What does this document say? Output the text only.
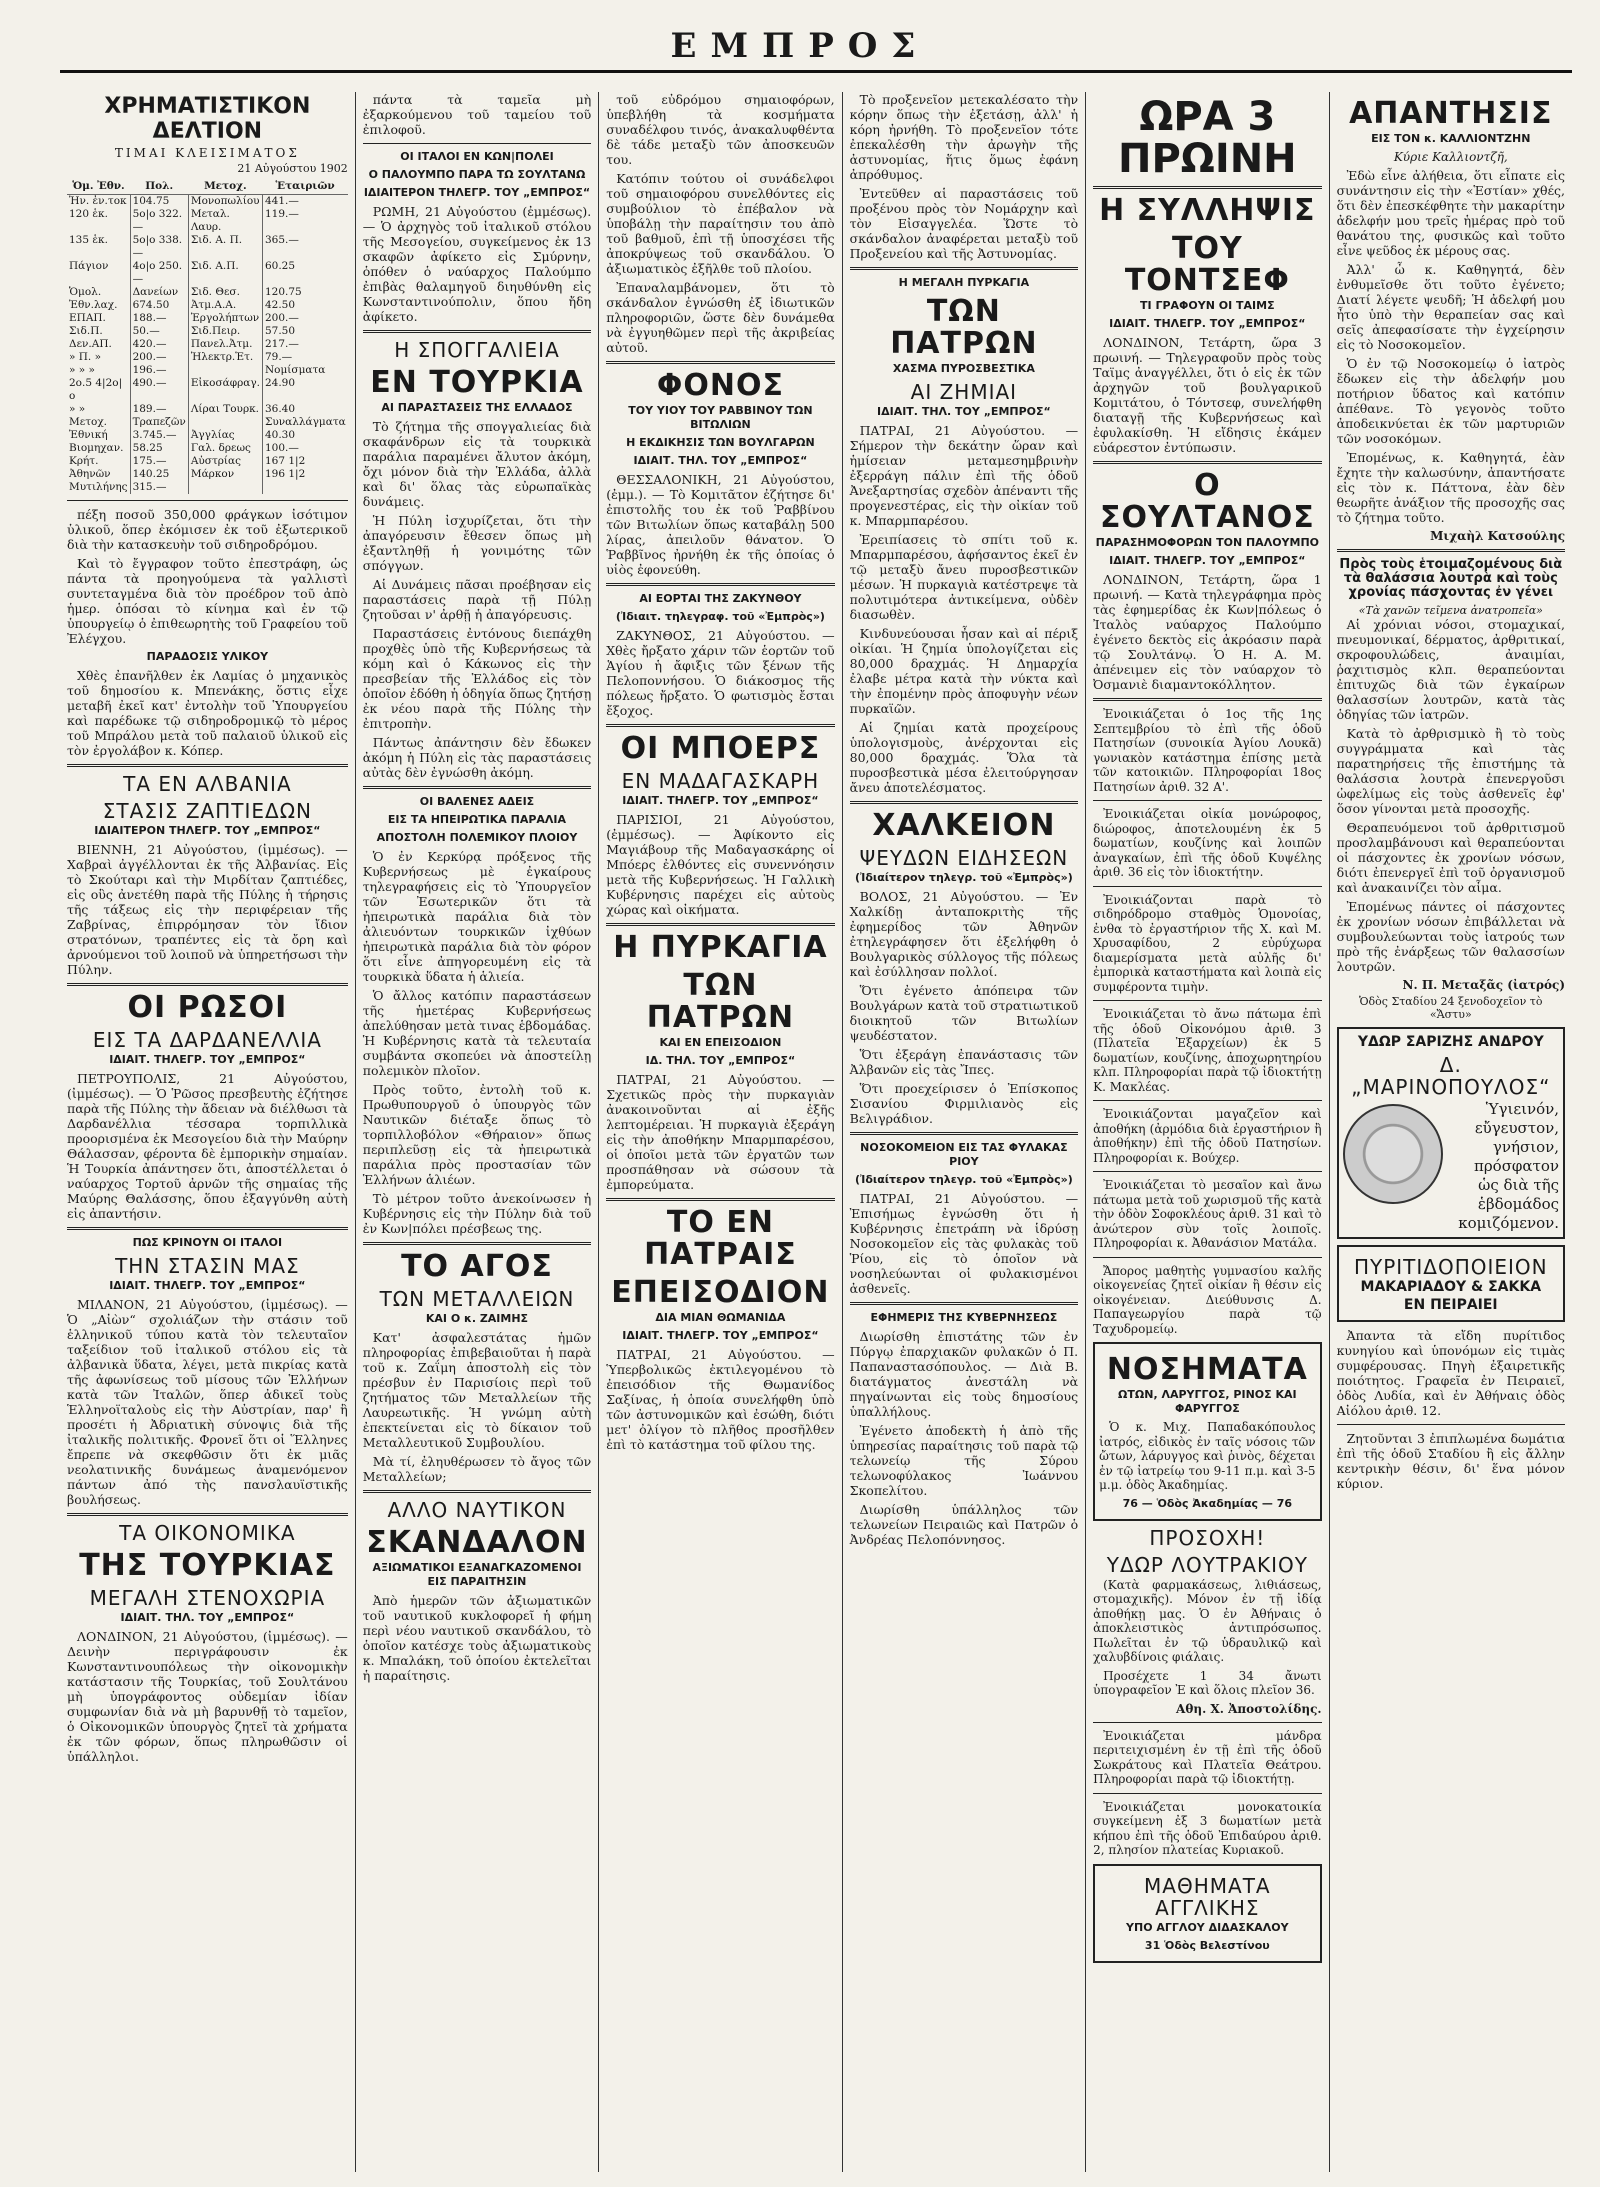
ΕΜΠΡΟΣ
ΧΡΗΜΑΤΙΣΤΙΚΟΝ ΔΕΛΤΙΟΝ
ΤΙΜΑΙ ΚΛΕΙΣΙΜΑΤΟΣ
21 Αὐγούστου 1902
Ὁμ. Ἐθν.	Πολ.	Μετοχ.	Ἑταιριῶν
Ἠν. ἐν.τοκ	104.75	Μονοπωλίου	441.—
120 ἑκ.	5ο|ο 322.—	Μεταλ. Λαυρ.	119.—
135 ἑκ.	5ο|ο 338.—	Σιδ. Α. Π.	365.—
Πάγιον	4ο|ο 250.—	Σιδ. Α.Π.	60.25
Ὁμολ.	Δανείων	Σιδ. Θεσ.	120.75
Ἐθν.λαχ.	674.50	Ἀτμ.Α.Α.	42.50
ΕΠΑΠ.	188.—	Ἐργολήπτων	200.—
Σιδ.Π.	50.—	Σιδ.Πειρ.	57.50
Δεν.ΑΠ.	420.—	Πανελ.Ἀτμ.	217.—
» Π. »	200.—	Ἠλεκτρ.Ἑτ.	79.—
» » »	196.—		Νομίσματα
2ο.5 4|2ο|ο	490.—	Εἰκοσάφραγ.	24.90
» »	189.—	Λίραι Τουρκ.	36.40
Μετοχ.	Τραπεζῶν		Συναλλάγματα
Ἐθνική	3.745.—	Ἀγγλίας	40.30
Βιομηχαν.	58.25	Γαλ. δρεως	100.—
Κρήτ.	175.—	Αὐστρίας	167 1|2
Ἀθηνῶν	140.25	Μάρκον	196 1|2
Μυτιλήνης	315.—		

πέξη ποσοῦ 350,000 φράγκων ἰσότιμον ὑλικοῦ, ὅπερ ἐκόμισεν ἐκ τοῦ ἐξωτερικοῦ διὰ τὴν κατασκευὴν τοῦ σιδηροδρόμου.

Καὶ τὸ ἔγγραφον τοῦτο ἐπεστράφη, ὡς πάντα τὰ προηγούμενα τὰ γαλλιστὶ συντεταγμένα διὰ τὸν προέδρον τοῦ ἀπὸ ἡμερ. ὁπόσαι τὸ κίνημα καὶ ἐν τῷ ὑπουργείῳ ὁ ἐπιθεωρητὴς τοῦ Γραφείου τοῦ Ἐλέγχου.

ΠΑΡΑΔΟΣΙΣ ΥΛΙΚΟΥ

Χθὲς ἐπανῆλθεν ἐκ Λαμίας ὁ μηχανικὸς τοῦ δημοσίου κ. Μπενάκης, ὅστις εἶχε μεταβῆ ἐκεῖ κατ' ἐντολὴν τοῦ Ὑπουργείου καὶ παρέδωκε τῷ σιδηροδρομικῷ τὸ μέρος τοῦ Μπράλου μετὰ τοῦ παλαιοῦ ὑλικοῦ εἰς τὸν ἐργολάβον κ. Κόπερ.

ΤΑ ΕΝ ΑΛΒΑΝΙΑ
ΣΤΑΣΙΣ ΖΑΠΤΙΕΔΩΝ
ΙΔΙΑΙΤΕΡΟΝ ΤΗΛΕΓΡ. ΤΟΥ „ΕΜΠΡΟΣ“

ΒΙΕΝΝΗ, 21 Αὐγούστου, (ἰμμέσως). — Χαβραὶ ἀγγέλλονται ἐκ τῆς Ἀλβανίας. Εἰς τὸ Σκούταρι καὶ τὴν Μιρδίταν ζαπτιέδες, εἰς οὓς ἀνετέθη παρὰ τῆς Πύλης ἡ τήρησις τῆς τάξεως εἰς τὴν περιφέρειαν τῆς Ζαβρίνας, ἐπιρρόμησαν τὸν ἴδιον στρατόνων, τραπέντες εἰς τὰ ὄρη καὶ ἀρνούμενοι τοῦ λοιποῦ νὰ ὑπηρετήσωσι τὴν Πύλην.

ΟΙ ΡΩΣΟΙ
ΕΙΣ ΤΑ ΔΑΡΔΑΝΕΛΛΙΑ
ΙΔΙΑΙΤ. ΤΗΛΕΓΡ. ΤΟΥ „ΕΜΠΡΟΣ“

ΠΕΤΡΟΥΠΟΛΙΣ, 21 Αὐγούστου, (ἰμμέσως). — Ὁ Ῥῶσος πρεσβευτὴς ἐζήτησε παρὰ τῆς Πύλης τὴν ἄδειαν νὰ διέλθωσι τὰ Δαρδανέλλια τέσσαρα τορπιλλικὰ προορισμένα ἐκ Μεσογείου διὰ τὴν Μαύρην Θάλασσαν, φέροντα δὲ ἐμπορικὴν σημαίαν. Ἡ Τουρκία ἀπάντησεν ὅτι, ἀποστέλλεται ὁ ναύαρχος Τορτοῦ ἀρνῶν τῆς σημαίας τῆς Μαύρης Θαλάσσης, ὅπου ἐξαγγύνθη αὐτὴ εἰς ἀπαντήσιν.

ΠΩΣ ΚΡΙΝΟΥΝ ΟΙ ΙΤΑΛΟΙ
ΤΗΝ ΣΤΑΣΙΝ ΜΑΣ
ΙΔΙΑΙΤ. ΤΗΛΕΓΡ. ΤΟΥ „ΕΜΠΡΟΣ“

ΜΙΛΑΝΟΝ, 21 Αὐγούστου, (ἰμμέσως). — Ὁ „Αἰὼν“ σχολιάζων τὴν στάσιν τοῦ ἑλληνικοῦ τύπου κατὰ τὸν τελευταῖον ταξείδιον τοῦ ἰταλικοῦ στόλου εἰς τὰ ἀλβανικὰ ὕδατα, λέγει, μετὰ πικρίας κατὰ τῆς ἀφωνίσεως τοῦ μίσους τῶν Ἑλλήνων κατὰ τῶν Ἰταλῶν, ὅπερ ἀδικεῖ τοὺς Ἑλληνοϊταλοὺς εἰς τὴν Αὐστρίαν, παρ' ἣ προσέτι ἡ Ἀδριατικὴ σύνοψις διὰ τῆς ἰταλικῆς πολιτικῆς. Φρονεῖ ὅτι οἱ Ἕλληνες ἔπρεπε νὰ σκεφθῶσιν ὅτι ἐκ μιᾶς νεολατινικῆς δυνάμεως ἀναμενόμενον πάντων ἀπό τὴς πανσλαυϊστικῆς βουλήσεως.

ΤΑ ΟΙΚΟΝΟΜΙΚΑ
ΤΗΣ ΤΟΥΡΚΙΑΣ
ΜΕΓΑΛΗ ΣΤΕΝΟΧΩΡΙΑ
ΙΔΙΑΙΤ. ΤΗΛ. ΤΟΥ „ΕΜΠΡΟΣ“

ΛΟΝΔΙΝΟΝ, 21 Αὐγούστου, (ἰμμέσως). — Δεινὴν περιγράφουσιν ἐκ Κωνσταντινουπόλεως τὴν οἰκονομικὴν κατάστασιν τῆς Τουρκίας, τοῦ Σουλτάνου μὴ ὑπογράφοντος οὐδεμίαν ἰδίαν συμφωνίαν διὰ νὰ μὴ βαρυνθῇ τὸ ταμεῖον, ὁ Οἰκονομικῶν ὑπουργὸς ζητεῖ τὰ χρήματα ἐκ τῶν φόρων, ὅπως πληρωθῶσιν οἱ ὑπάλληλοι.

πάντα τὰ ταμεῖα μὴ ἐξαρκούμενου τοῦ ταμείου τοῦ ἐπιλοφοῦ.

ΟΙ ΙΤΑΛΟΙ ΕΝ ΚΩΝ|ΠΟΛΕΙ
Ο ΠΑΛΟΥΜΠΟ ΠΑΡΑ ΤΩ ΣΟΥΛΤΑΝΩ
ΙΔΙΑΙΤΕΡΟΝ ΤΗΛΕΓΡ. ΤΟΥ „ΕΜΠΡΟΣ“

ΡΩΜΗ, 21 Αὐγούστου (ἐμμέσως). — Ὁ ἀρχηγὸς τοῦ ἰταλικοῦ στόλου τῆς Μεσογείου, συγκείμενος ἐκ 13 σκαφῶν ἀφίκετο εἰς Σμύρνην, ὁπόθεν ὁ ναύαρχος Παλούμπο ἐπιβὰς θαλαμηγοῦ διηυθύνθη εἰς Κωνσταντινούπολιν, ὅπου ἤδη ἀφίκετο.

Η ΣΠΟΓΓΑΛΙΕΙΑ
ΕΝ ΤΟΥΡΚΙΑ
ΑΙ ΠΑΡΑΣΤΑΣΕΙΣ ΤΗΣ ΕΛΛΑΔΟΣ

Τὸ ζήτημα τῆς σπογγαλιείας διὰ σκαφάνδρων εἰς τὰ τουρκικὰ παράλια παραμένει ἄλυτον ἀκόμη, ὄχι μόνον διὰ τὴν Ἑλλάδα, ἀλλὰ καὶ δι' ὅλας τὰς εὐρωπαϊκὰς δυνάμεις.

Ἡ Πύλη ἰσχυρίζεται, ὅτι τὴν ἀπαγόρευσιν ἔθεσεν ὅπως μὴ ἐξαντληθῇ ἡ γονιμότης τῶν σπόγγων.

Αἱ Δυνάμεις πᾶσαι προέβησαν εἰς παραστάσεις παρὰ τῇ Πύλῃ ζητοῦσαι ν' ἀρθῇ ἡ ἀπαγόρευσις.

Παραστάσεις ἐντόνους διεπάχθη προχθὲς ὑπὸ τῆς Κυβερνήσεως τὰ κόμη καὶ ὁ Κάκωνος εἰς τὴν πρεσβείαν τῆς Ἑλλάδος εἰς τὸν ὁποῖον ἐδόθη ἡ ὁδηγία ὅπως ζητήσῃ ἐκ νέου παρὰ τῆς Πύλης τὴν ἐπιτροπὴν.

Πάντως ἀπάντησιν δὲν ἔδωκεν ἀκόμη ἡ Πύλη εἰς τὰς παραστάσεις αὐτὰς δὲν ἐγνώσθη ἀκόμη.

ΟΙ ΒΑΛΕΝΕΣ ΑΔΕΙΣ
ΕΙΣ ΤΑ ΗΠΕΙΡΩΤΙΚΑ ΠΑΡΑΛΙΑ
ΑΠΟΣΤΟΛΗ ΠΟΛΕΜΙΚΟΥ ΠΛΟΙΟΥ

Ὁ ἐν Κερκύρᾳ πρόξενος τῆς Κυβερνήσεως μὲ ἐγκαίρους τηλεγραφήσεις εἰς τὸ Ὑπουργεῖον τῶν Ἐσωτερικῶν ὅτι τὰ ἠπειρωτικὰ παράλια διὰ τὸν ἀλιευόντων τουρκικῶν ἰχθύων ἠπειρωτικὰ παράλια διὰ τὸν φόρον ὅτι εἶνε ἀπηγορευμένη εἰς τὰ τουρκικὰ ὕδατα ἡ ἁλιεία.

Ὁ ἄλλος κατόπιν παραστάσεων τῆς ἡμετέρας Κυβερνήσεως ἀπελύθησαν μετὰ τινας ἑβδομάδας. Ἡ Κυβέρνησις κατὰ τὰ τελευταία συμβάντα σκοπεύει νὰ ἀποστείλῃ πολεμικὸν πλοῖον.

Πρὸς τοῦτο, ἐντολὴ τοῦ κ. Πρωθυπουργοῦ ὁ ὑπουργὸς τῶν Ναυτικῶν διέταξε ὅπως τὸ τορπιλλοβόλον «Θήραιον» ὅπως περιπλεῦσῃ εἰς τὰ ἠπειρωτικὰ παράλια πρὸς προστασίαν τῶν Ἑλλήνων ἁλιέων.

Τὸ μέτρον τοῦτο ἀνεκοίνωσεν ἡ Κυβέρνησις εἰς τὴν Πύλην διὰ τοῦ ἐν Κων|πόλει πρέσβεως της.

ΤΟ ΑΓΟΣ
ΤΩΝ ΜΕΤΑΛΛΕΙΩΝ
ΚΑΙ Ο κ. ΖΑΙΜΗΣ

Κατ' ἀσφαλεστάτας ἡμῶν πληροφορίας ἐπιβεβαιοῦται ἡ παρὰ τοῦ κ. Ζαΐμη ἀποστολὴ εἰς τὸν πρέσβυν ἐν Παρισίοις περὶ τοῦ ζητήματος τῶν Μεταλλείων τῆς Λαυρεωτικῆς. Ἡ γνώμη αὐτὴ ἐπεκτείνεται εἰς τὸ δίκαιον τοῦ Μεταλλευτικοῦ Συμβουλίου.

Μὰ τί, ἐληυθέρωσεν τὸ ἄγος τῶν Μεταλλείων;

ΑΛΛΟ ΝΑΥΤΙΚΟΝ
ΣΚΑΝΔΑΛΟΝ
ΑΞΙΩΜΑΤΙΚΟΙ ΕΞΑΝΑΓΚΑΖΟΜΕΝΟΙ ΕΙΣ ΠΑΡΑΙΤΗΣΙΝ

Ἀπὸ ἡμερῶν τῶν ἀξιωματικῶν τοῦ ναυτικοῦ κυκλοφορεῖ ἡ φήμη περὶ νέου ναυτικοῦ σκανδάλου, τὸ ὁποῖον κατέσχε τοὺς ἀξιωματικοὺς κ. Μπαλάκη, τοῦ ὁποίου ἐκτελεῖται ἡ παραίτησις.

τοῦ εὐδρόμου σημαιοφόρων, ὑπεβλήθη τὰ κοσμήματα συναδέλφου τινός, ἀνακαλυφθέντα δὲ τάδε μεταξὺ τῶν ἀποσκευῶν του.

Κατόπιν τούτου οἱ συνάδελφοι τοῦ σημαιοφόρου συνελθόντες εἰς συμβούλιον τὸ ἐπέβαλον νὰ ὑποβάλῃ τὴν παραίτησιν του ἀπὸ τοῦ βαθμοῦ, ἐπὶ τῇ ὑποσχέσει τῆς ἀποκρύψεως τοῦ σκανδάλου. Ὁ ἀξιωματικὸς ἐξῆλθε τοῦ πλοίου.

Ἐπαναλαμβάνομεν, ὅτι τὸ σκάνδαλον ἐγνώσθη ἐξ ἰδιωτικῶν πληροφοριῶν, ὥστε δὲν δυνάμεθα νὰ ἐγγυηθῶμεν περὶ τῆς ἀκριβείας αὐτοῦ.

ΦΟΝΟΣ
ΤΟΥ ΥΙΟΥ ΤΟΥ ΡΑΒΒΙΝΟΥ ΤΩΝ ΒΙΤΩΛΙΩΝ
Η ΕΚΔΙΚΗΣΙΣ ΤΩΝ ΒΟΥΛΓΑΡΩΝ
ΙΔΙΑΙΤ. ΤΗΛ. ΤΟΥ „ΕΜΠΡΟΣ“

ΘΕΣΣΑΛΟΝΙΚΗ, 21 Αὐγούστου, (ἐμμ.). — Τὸ Κομιτᾶτον ἐζήτησε δι' ἐπιστολῆς του ἐκ τοῦ Ῥαββίνου τῶν Βιτωλίων ὅπως καταβάλῃ 500 λίρας, ἀπειλοῦν θάνατον. Ὁ Ῥαββῖνος ἠρνήθη ἐκ τῆς ὁποίας ὁ υἱὸς ἐφονεύθη.

ΑΙ ΕΟΡΤΑΙ ΤΗΣ ΖΑΚΥΝΘΟΥ
(Ἰδιαιτ. τηλεγραφ. τοῦ «Ἐμπρὸς»)

ΖΑΚΥΝΘΟΣ, 21 Αὐγούστου. — Χθὲς ἤρξατο χάριν τῶν ἑορτῶν τοῦ Ἁγίου ἡ ἄφιξις τῶν ξένων τῆς Πελοποννήσου. Ὁ διάκοσμος τῆς πόλεως ἤρξατο. Ὁ φωτισμὸς ἔσται ἔξοχος.

ΟΙ ΜΠΟΕΡΣ
ΕΝ ΜΑΔΑΓΑΣΚΑΡΗ
ΙΔΙΑΙΤ. ΤΗΛΕΓΡ. ΤΟΥ „ΕΜΠΡΟΣ“

ΠΑΡΙΣΙΟΙ, 21 Αὐγούστου, (ἐμμέσως). — Ἀφίκοντο εἰς Μαγιάβουρ τῆς Μαδαγασκάρης οἱ Μπόερς ἐλθόντες εἰς συνεννόησιν μετὰ τῆς Κυβερνήσεως. Ἡ Γαλλικὴ Κυβέρνησις παρέχει εἰς αὐτοὺς χώρας καὶ οἰκήματα.

Η ΠΥΡΚΑΓΙΑ
ΤΩΝ ΠΑΤΡΩΝ
ΚΑΙ ΕΝ ΕΠΕΙΣΟΔΙΟΝ
ΙΔ. ΤΗΛ. ΤΟΥ „ΕΜΠΡΟΣ“

ΠΑΤΡΑΙ, 21 Αὐγούστου. — Σχετικῶς πρὸς τὴν πυρκαγιὰν ἀνακοινοῦνται αἱ ἐξῆς λεπτομέρειαι. Ἡ πυρκαγιὰ ἐξεράγη εἰς τὴν ἀποθήκην Μπαρμπαρέσου, οἱ ὁποῖοι μετὰ τῶν ἐργατῶν των προσπάθησαν νὰ σώσουν τὰ ἐμπορεύματα.

ΤΟ ΕΝ ΠΑΤΡΑΙΣ
ΕΠΕΙΣΟΔΙΟΝ
ΔΙΑ ΜΙΑΝ ΘΩΜΑΝΙΔΑ
ΙΔΙΑΙΤ. ΤΗΛΕΓΡ. ΤΟΥ „ΕΜΠΡΟΣ“

ΠΑΤΡΑΙ, 21 Αὐγούστου. — Ὑπερβολικῶς ἐκτιλεγομένου τὸ ἐπεισόδιον τῆς Θωμανίδος Σαξίνας, ἡ ὁποία συνελήφθη ὑπὸ τῶν ἀστυνομικῶν καὶ ἐσώθη, διότι μετ' ὀλίγον τὸ πλῆθος προσῆλθεν ἐπὶ τὸ κατάστημα τοῦ φίλου της.

Τὸ προξενεῖον μετεκαλέσατο τὴν κόρην ὅπως τὴν ἐξετάσῃ, ἀλλ' ἡ κόρη ἠρνήθη. Τὸ προξενεῖον τότε ἐπεκαλέσθη τὴν ἀρωγὴν τῆς ἀστυνομίας, ἥτις ὅμως ἐφάνη ἀπρόθυμος.

Ἐντεῦθεν αἱ παραστάσεις τοῦ προξένου πρὸς τὸν Νομάρχην καὶ τὸν Εἰσαγγελέα. Ὥστε τὸ σκάνδαλον ἀναφέρεται μεταξὺ τοῦ Προξενείου καὶ τῆς Ἀστυνομίας.

Η ΜΕΓΑΛΗ ΠΥΡΚΑΓΙΑ
ΤΩΝ ΠΑΤΡΩΝ
ΧΑΣΜΑ ΠΥΡΟΣΒΕΣΤΙΚΑ
ΑΙ ΖΗΜΙΑΙ
ΙΔΙΑΙΤ. ΤΗΛ. ΤΟΥ „ΕΜΠΡΟΣ“

ΠΑΤΡΑΙ, 21 Αὐγούστου. — Σήμερον τὴν δεκάτην ὥραν καὶ ἡμίσειαν μεταμεσημβρινὴν ἐξερράγη πάλιν ἐπὶ τῆς ὁδοῦ Ἀνεξαρτησίας σχεδὸν ἀπέναντι τῆς προγενεστέρας, εἰς τὴν οἰκίαν τοῦ κ. Μπαρμπαρέσου.

Ἐρειπίασεις τὸ σπίτι τοῦ κ. Μπαρμπαρέσου, ἀφήσαντος ἐκεῖ ἐν τῷ μεταξὺ ἄνευ πυροσβεστικῶν μέσων. Ἡ πυρκαγιὰ κατέστρεψε τὰ πολυτιμότερα ἀντικείμενα, οὐδὲν διασωθὲν.

Κινδυνεύουσαι ἦσαν καὶ αἱ πέριξ οἰκίαι. Ἡ ζημία ὑπολογίζεται εἰς 80,000 δραχμάς. Ἡ Δημαρχία ἐλαβε μέτρα κατὰ τὴν νύκτα καὶ τὴν ἐπομένην πρὸς ἀποφυγὴν νέων πυρκαϊῶν.

Αἱ ζημίαι κατὰ προχείρους ὑπολογισμοὺς, ἀνέρχονται εἰς 80,000 δραχμάς. Ὅλα τὰ πυροσβεστικὰ μέσα ἐλειτούργησαν ἄνευ ἀποτελέσματος.

ΧΑΛΚΕΙΟΝ
ΨΕΥΔΩΝ ΕΙΔΗΣΕΩΝ
(Ἰδιαίτερον τηλεγρ. τοῦ «Ἐμπρὸς»)

ΒΟΛΟΣ, 21 Αὐγούστου. — Ἐν Χαλκίδῃ ἀνταποκριτὴς τῆς ἐφημερίδος τῶν Ἀθηνῶν ἐτηλεγράφησεν ὅτι ἐξελήφθη ὁ Βουλγαρικὸς σύλλογος τῆς πόλεως καὶ ἐσύλλησαν πολλοί.

Ὅτι ἐγένετο ἀπόπειρα τῶν Βουλγάρων κατὰ τοῦ στρατιωτικοῦ διοικητοῦ τῶν Βιτωλίων ψευδέστατον.

Ὅτι ἐξεράγη ἐπανάστασις τῶν Ἀλβανῶν εἰς τὰς Ἴπες.

Ὅτι προεχείρισεν ὁ Ἐπίσκοπος Σισανίου Φιρμιλιανὸς εἰς Βελιγράδιον.

ΝΟΣΟΚΟΜΕΙΟΝ ΕΙΣ ΤΑΣ ΦΥΛΑΚΑΣ ΡΙΟΥ
(Ἰδιαίτερον τηλεγρ. τοῦ «Ἐμπρὸς»)

ΠΑΤΡΑΙ, 21 Αὐγούστου. — Ἐπισήμως ἐγνώσθη ὅτι ἡ Κυβέρνησις ἐπετράπη νὰ ἱδρύσῃ Νοσοκομεῖον εἰς τὰς φυλακὰς τοῦ Ῥίου, εἰς τὸ ὁποῖον νὰ νοσηλεύωνται οἱ φυλακισμένοι ἀσθενεῖς.

ΕΦΗΜΕΡΙΣ ΤΗΣ ΚΥΒΕΡΝΗΣΕΩΣ

Διωρίσθη ἐπιστάτης τῶν ἐν Πύργῳ ἐπαρχιακῶν φυλακῶν ὁ Π. Παπαναστασόπουλος. — Διὰ Β. διατάγματος ἀνεστάλη νὰ πηγαίνωνται εἰς τοὺς δημοσίους ὑπαλλήλους.

Ἐγένετο ἀποδεκτὴ ἡ ἀπὸ τῆς ὑπηρεσίας παραίτησις τοῦ παρὰ τῷ τελωνείῳ τῆς Σύρου τελωνοφύλακος Ἰωάννου Σκοπελίτου.

Διωρίσθη ὑπάλληλος τῶν τελωνείων Πειραιῶς καὶ Πατρῶν ὁ Ἀνδρέας Πελοπόννησος.

ΩΡΑ 3 ΠΡΩΙΝΗ
Η ΣΥΛΛΗΨΙΣ
ΤΟΥ ΤΟΝΤΣΕΦ
ΤΙ ΓΡΑΦΟΥΝ ΟΙ ΤΑΙΜΣ
ΙΔΙΑΙΤ. ΤΗΛΕΓΡ. ΤΟΥ „ΕΜΠΡΟΣ“

ΛΟΝΔΙΝΟΝ, Τετάρτη, ὥρα 3 πρωινή. — Τηλεγραφοῦν πρὸς τοὺς Ταϊμς ἀναγγέλλει, ὅτι ὁ εἰς ἐκ τῶν ἀρχηγῶν τοῦ βουλγαρικοῦ Κομιτάτου, ὁ Τόντσεφ, συνελήφθη διαταγῇ τῆς Κυβερνήσεως καὶ ἐφυλακίσθη. Ἡ εἴδησις ἐκάμεν εὐάρεστον ἐντύπωσιν.

Ο ΣΟΥΛΤΑΝΟΣ
ΠΑΡΑΣΗΜΟΦΟΡΩΝ ΤΟΝ ΠΑΛΟΥΜΠΟ
ΙΔΙΑΙΤ. ΤΗΛΕΓΡ. ΤΟΥ „ΕΜΠΡΟΣ“

ΛΟΝΔΙΝΟΝ, Τετάρτη, ὥρα 1 πρωινή. — Κατὰ τηλεγράφημα πρὸς τὰς ἐφημερίδας ἐκ Κων|πόλεως ὁ Ἰταλὸς ναύαρχος Παλούμπο ἐγένετο δεκτὸς εἰς ἀκρόασιν παρὰ τῷ Σουλτάνῳ. Ὁ Η. Α. Μ. ἀπένειμεν εἰς τὸν ναύαρχον τὸ Ὀσμανιὲ διαμαντοκόλλητον.

Ἐνοικιάζεται ὁ 1ος τῆς 1ης Σεπτεμβρίου τὸ ἐπὶ τῆς ὁδοῦ Πατησίων (συνοικία Ἀγίου Λουκᾶ) γωνιακὸν κατάστημα ἐπίσης μετὰ τῶν κατοικιῶν. Πληροφορίαι 18ος Πατησίων ἀριθ. 32 Α'.

Ἐνοικιάζεται οἰκία μονώροφος, διώροφος, ἀποτελουμένη ἐκ 5 δωματίων, κουζίνης καὶ λοιπῶν ἀναγκαίων, ἐπὶ τῆς ὁδοῦ Κυψέλης ἀριθ. 36 εἰς τὸν ἰδιοκτήτην.

Ἐνοικιάζονται παρὰ τὸ σιδηρόδρομο σταθμὸς Ὁμονοίας, ἐνθα τὸ ἐργαστήριον τῆς Χ. καὶ Μ. Χρυσαφίδου, 2 εὐρύχωρα διαμερίσματα μετὰ αὐλῆς δι' ἐμπορικὰ καταστήματα καὶ λοιπὰ εἰς συμφέροντα τιμὴν.

Ἐνοικιάζεται τὸ ἄνω πάτωμα ἐπὶ τῆς ὁδοῦ Οἰκονόμου ἀριθ. 3 (Πλατεῖα Ἐξαρχείων) ἐκ 5 δωματίων, κουζίνης, ἀποχωρητηρίου κλπ. Πληροφορίαι παρὰ τῷ ἰδιοκτήτῃ Κ. Μακλέας.

Ἐνοικιάζονται μαγαζεῖον καὶ ἀποθήκη (ἀρμόδια διὰ ἐργαστήριον ἢ ἀποθήκην) ἐπὶ τῆς ὁδοῦ Πατησίων. Πληροφορίαι κ. Βούχερ.

Ἐνοικιάζεται τὸ μεσαῖον καὶ ἄνω πάτωμα μετὰ τοῦ χωρισμοῦ τῆς κατὰ τὴν ὁδὸν Σοφοκλέους ἀριθ. 31 καὶ τὸ ἀνώτερον σὺν τοῖς λοιποῖς. Πληροφορίαι κ. Ἀθανάσιον Ματάλα.

Ἄπορος μαθητὴς γυμνασίου καλῆς οἰκογενείας ζητεῖ οἰκίαν ἢ θέσιν εἰς οἰκογένειαν. Διεύθυνσις Δ. Παπαγεωργίου παρὰ τῷ Ταχυδρομείῳ.

ΝΟΣΗΜΑΤΑ
ΩΤΩΝ, ΛΑΡΥΓΓΟΣ, ΡΙΝΟΣ ΚΑΙ ΦΑΡΥΓΓΟΣ

Ὁ κ. Μιχ. Παπαδακόπουλος ἰατρός, εἰδικὸς ἐν ταῖς νόσοις τῶν ὤτων, λάρυγγος καὶ ῥινὸς, δέχεται ἐν τῷ ἰατρείῳ του 9-11 π.μ. καὶ 3-5 μ.μ. ὁδὸς Ἀκαδημίας.

76 — Ὁδὸς Ἀκαδημίας — 76
ΠΡΟΣΟΧΗ!
ΥΔΩΡ ΛΟΥΤΡΑΚΙΟΥ

(Κατὰ φαρμακάσεως, λιθιάσεως, στομαχικῆς). Μόνον ἐν τῇ ἰδίᾳ ἀποθήκῃ μας. Ὁ ἐν Ἀθήναις ὁ ἀποκλειστικὸς ἀντιπρόσωπος. Πωλεῖται ἐν τῷ ὑδραυλικῷ καὶ χαλυβδίνοις φιάλαις.

Προσέχετε 1 34 ἄνωτι ὑπογραφεῖον Ἐ καὶ ὅλοις πλεῖον 36.

Αθη. Χ. Ἀποστολίδης.

Ἐνοικιάζεται μάνδρα περιτειχισμένη ἐν τῇ ἐπὶ τῆς ὁδοῦ Σωκράτους καὶ Πλατεῖα Θεάτρου. Πληροφορίαι παρὰ τῷ ἰδιοκτήτῃ.

Ἐνοικιάζεται μονοκατοικία συγκείμενη ἐξ 3 δωματίων μετὰ κήπου ἐπὶ τῆς ὁδοῦ Ἐπιδαύρου ἀριθ. 2, πλησίον πλατείας Κυριακοῦ.

ΜΑΘΗΜΑΤΑ ΑΓΓΛΙΚΗΣ
ΥΠΟ ΑΓΓΛΟΥ ΔΙΔΑΣΚΑΛΟΥ
31 Ὁδὸς Βελεστίνου
ΑΠΑΝΤΗΣΙΣ
ΕΙΣ ΤΟΝ κ. ΚΑΛΛΙΟΝΤΖΗΝ
Κύριε Καλλιοντζῆ,

Ἐδὼ εἶνε ἀλήθεια, ὅτι εἶπατε εἰς συνάντησιν εἰς τὴν «Ἑστίαν» χθές, ὅτι δὲν ἐπεσκέφθητε τὴν μακαρίτην ἀδελφήν μου τρεῖς ἡμέρας πρὸ τοῦ θανάτου της, φυσικῶς καὶ τοῦτο εἶνε ψεῦδος ἐκ μέρους σας.

Ἀλλ' ὦ κ. Καθηγητά, δὲν ἐνθυμεῖσθε ὅτι τοῦτο ἐγένετο; Διατί λέγετε ψευδῆ; Ἡ ἀδελφή μου ἦτο ὑπὸ τὴν θεραπείαν σας καὶ σεῖς ἀπεφασίσατε τὴν ἐγχείρησιν εἰς τὸ Νοσοκομεῖον.

Ὁ ἐν τῷ Νοσοκομείῳ ὁ ἰατρὸς ἔδωκεν εἰς τὴν ἀδελφήν μου ποτήριον ὕδατος καὶ κατόπιν ἀπέθανε. Τὸ γεγονὸς τοῦτο ἀποδεικνύεται ἐκ τῶν μαρτυριῶν τῶν νοσοκόμων.

Ἐπομένως, κ. Καθηγητά, ἐὰν ἔχητε τὴν καλωσύνην, ἀπαντήσατε εἰς τὸν κ. Πάττονα, ἐὰν δὲν θεωρῆτε ἀνάξιον τῆς προσοχῆς σας τὸ ζήτημα τοῦτο.

Μιχαὴλ Κατσούλης
Πρὸς τοὺς ἑτοιμαζομένους διὰ τὰ θαλάσσια λουτρὰ καὶ τοὺς χρονίας πάσχοντας ἐν γένει
«Τὰ χανῶν τεῖμενα ἀνατροπεῖα»

Αἱ χρόνιαι νόσοι, στομαχικαί, πνευμονικαί, δέρματος, ἀρθριτικαί, σκροφουλώδεις, ἀναιμίαι, ῥαχιτισμὸς κλπ. θεραπεύονται ἐπιτυχῶς διὰ τῶν ἐγκαίρων θαλασσίων λουτρῶν, κατὰ τὰς ὁδηγίας τῶν ἰατρῶν.

Κατὰ τὸ ἀρθρισμικὸ ἢ τὸ τοὺς συγγράμματα καὶ τὰς παρατηρήσεις τῆς ἐπιστήμης τὰ θαλάσσια λουτρὰ ἐπενεργοῦσι ὠφελίμως εἰς τοὺς ἀσθενεῖς ἐφ' ὅσον γίνονται μετὰ προσοχῆς.

Θεραπευόμενοι τοῦ ἀρθριτισμοῦ προσλαμβάνουσι καὶ θεραπεύονται οἱ πάσχοντες ἐκ χρονίων νόσων, διότι ἐπενεργεῖ ἐπὶ τοῦ ὀργανισμοῦ καὶ ἀνακαινίζει τὸν αἷμα.

Ἐπομένως πάντες οἱ πάσχοντες ἐκ χρονίων νόσων ἐπιβάλλεται νὰ συμβουλεύωνται τοὺς ἰατρούς των πρὸ τῆς ἐνάρξεως τῶν θαλασσίων λουτρῶν.

Ν. Π. Μεταξᾶς (ἰατρός)
Ὁδὸς Σταδίου 24 ξενοδοχεῖον τὸ «Ἄστυ»
ΥΔΩΡ ΣΑΡΙΖΗΣ ΑΝΔΡΟΥ
Δ. „ΜΑΡΙΝΟΠΟΥΛΟΣ“
Ὑγιεινόν, εὔγευστον, γνήσιον, πρόσφατον ὡς διὰ τῆς ἑβδομάδος κομιζόμενον.
ΠΥΡΙΤΙΔΟΠΟΙΕΙΟΝ
ΜΑΚΑΡΙΑΔΟΥ & ΣΑΚΚΑ
ΕΝ ΠΕΙΡΑΙΕΙ

Ἀπαντα τὰ εἴδη πυρίτιδος κυνηγίου καὶ ὑπονόμων εἰς τιμὰς συμφέρουσας. Πηγὴ ἐξαιρετικῆς ποιότητος. Γραφεῖα ἐν Πειραιεῖ, ὁδὸς Λυδία, καὶ ἐν Ἀθήναις ὁδὸς Αἰόλου ἀριθ. 12.

Ζητοῦνται 3 ἐπιπλωμένα δωμάτια ἐπὶ τῆς ὁδοῦ Σταδίου ἢ εἰς ἄλλην κεντρικὴν θέσιν, δι' ἕνα μόνον κύριον.
